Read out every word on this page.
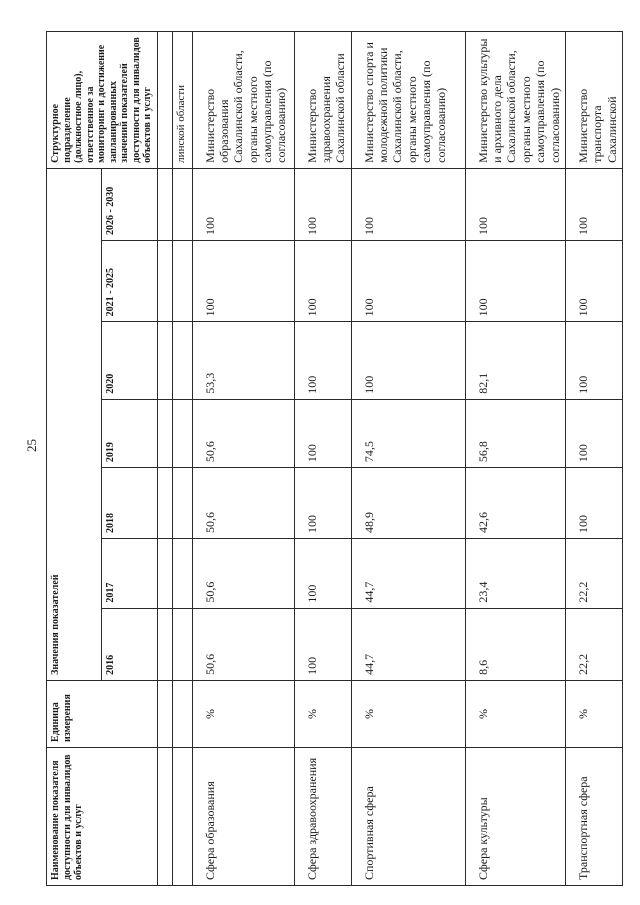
25
Наименование показателя доступности для инвалидов объектов и услуг	Единица измерения	Значения показателей							Структурное подразделение (должностное лицо), ответственное за мониторинг и достижение запланированных значений показателей доступности для инвалидов объектов и услуг
		2016	2017	2018	2019	2020	2021 - 2025	2026 - 2030	

									линской области
Сфера образования	%	50,6	50,6	50,6	50,6	53,3	100	100	Министерство образования Сахалинской области, органы местного самоуправления (по согласованию)
Сфера здравоохранения	%	100	100	100	100	100	100	100	Министерство здравоохранения Сахалинской области
Спортивная сфера	%	44,7	44,7	48,9	74,5	100	100	100	Министерство спорта и молодежной политики Сахалинской области, органы местного самоуправления (по согласованию)
Сфера культуры	%	8,6	23,4	42,6	56,8	82,1	100	100	Министерство культуры и архивного дела Сахалинской области, органы местного самоуправления (по согласованию)
Транспортная сфера	%	22,2	22,2	100	100	100	100	100	Министерство транспорта Сахалинской
